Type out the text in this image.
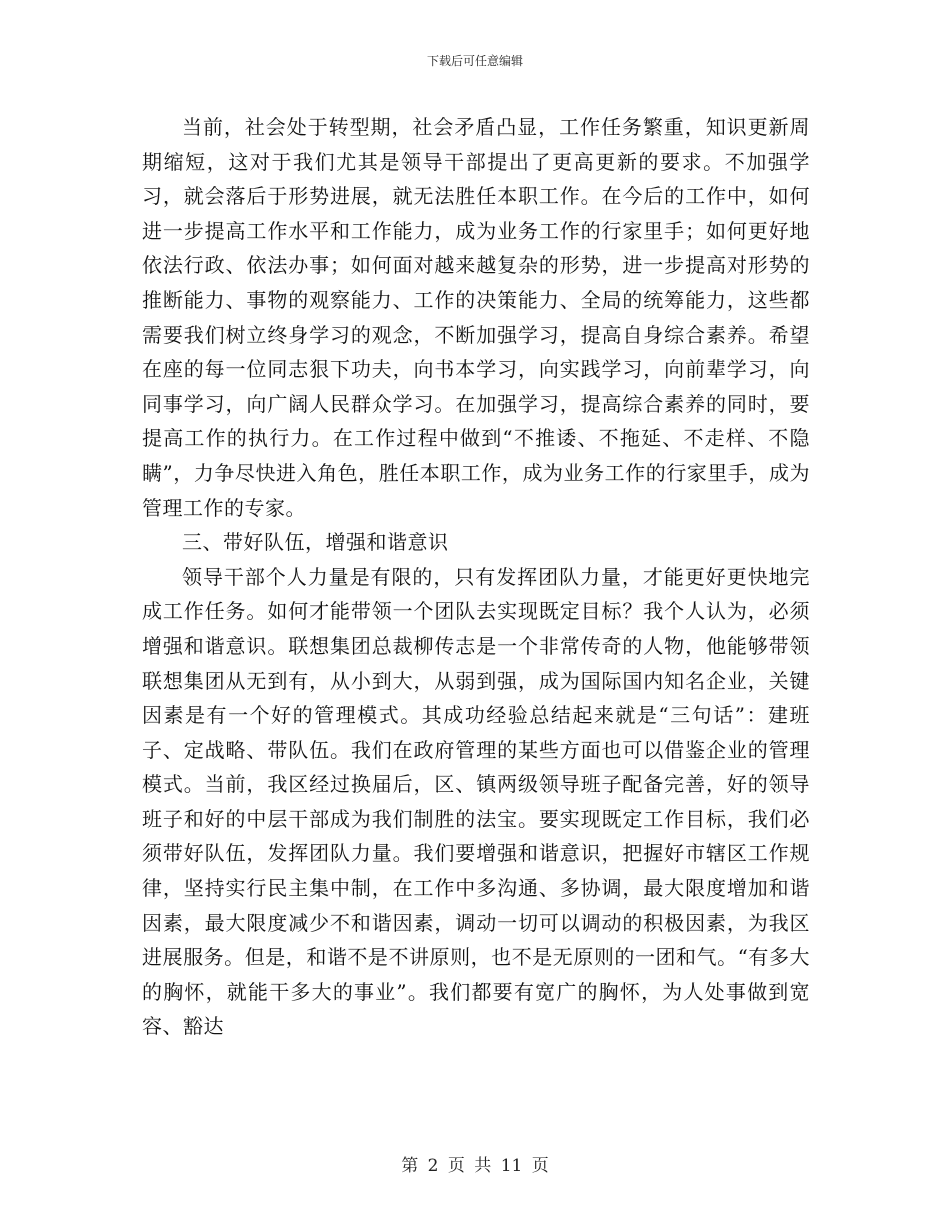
下载后可任意编辑

当前，社会处于转型期，社会矛盾凸显，工作任务繁重，知识更新周期缩短，这对于我们尤其是领导干部提出了更高更新的要求。不加强学习，就会落后于形势进展，就无法胜任本职工作。在今后的工作中，如何进一步提高工作水平和工作能力，成为业务工作的行家里手；如何更好地依法行政、依法办事；如何面对越来越复杂的形势，进一步提高对形势的推断能力、事物的观察能力、工作的决策能力、全局的统筹能力，这些都需要我们树立终身学习的观念，不断加强学习，提高自身综合素养。希望在座的每一位同志狠下功夫，向书本学习，向实践学习，向前辈学习，向同事学习，向广阔人民群众学习。在加强学习，提高综合素养的同时，要提高工作的执行力。在工作过程中做到“不推诿、不拖延、不走样、不隐瞒”，力争尽快进入角色，胜任本职工作，成为业务工作的行家里手，成为管理工作的专家。

三、带好队伍，增强和谐意识

领导干部个人力量是有限的，只有发挥团队力量，才能更好更快地完成工作任务。如何才能带领一个团队去实现既定目标？我个人认为，必须增强和谐意识。联想集团总裁柳传志是一个非常传奇的人物，他能够带领联想集团从无到有，从小到大，从弱到强，成为国际国内知名企业，关键因素是有一个好的管理模式。其成功经验总结起来就是“三句话”：建班子、定战略、带队伍。我们在政府管理的某些方面也可以借鉴企业的管理模式。当前，我区经过换届后，区、镇两级领导班子配备完善，好的领导班子和好的中层干部成为我们制胜的法宝。要实现既定工作目标，我们必须带好队伍，发挥团队力量。我们要增强和谐意识，把握好市辖区工作规律，坚持实行民主集中制，在工作中多沟通、多协调，最大限度增加和谐因素，最大限度减少不和谐因素，调动一切可以调动的积极因素，为我区进展服务。但是，和谐不是不讲原则，也不是无原则的一团和气。“有多大的胸怀，就能干多大的事业”。我们都要有宽广的胸怀，为人处事做到宽容、豁达

第 2 页 共 11 页
